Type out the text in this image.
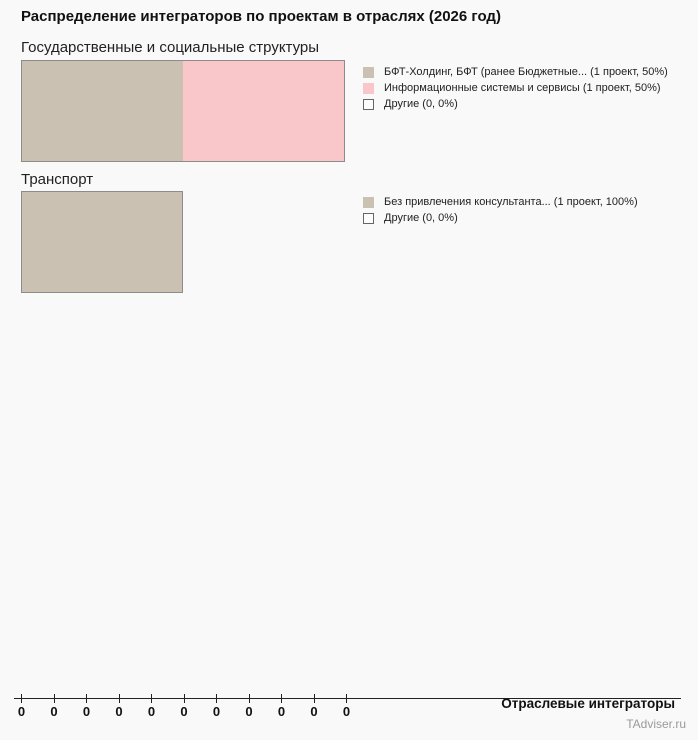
Распределение интеграторов по проектам в отраслях (2026 год)
Государственные и социальные структуры
БФТ-Холдинг, БФТ (ранее Бюджетные... (1 проект, 50%)
Информационные системы и сервисы (1 проект, 50%)
Другие (0, 0%)
Транспорт
Без привлечения консультанта... (1 проект, 100%)
Другие (0, 0%)
0 0 0 0 0 0 0 0 0 0 0
Отраслевые интеграторы
TAdviser.ru
